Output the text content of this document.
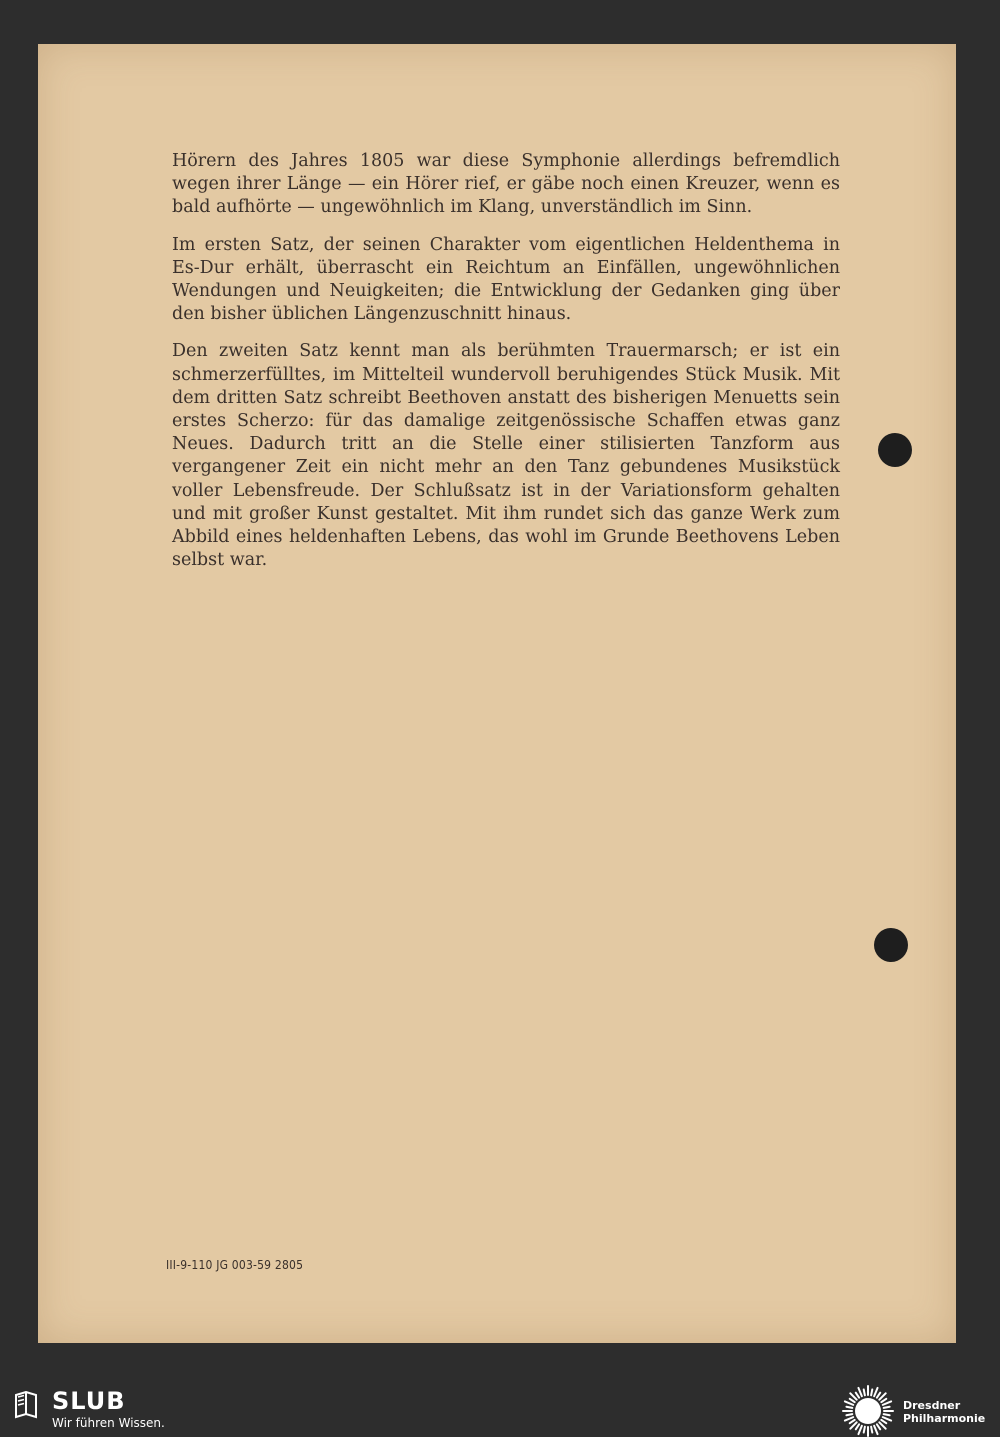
Hörern des Jahres 1805 war diese Symphonie allerdings befremdlich wegen ihrer Länge — ein Hörer rief, er gäbe noch einen Kreuzer, wenn es bald aufhörte — ungewöhnlich im Klang, unverständlich im Sinn.

Im ersten Satz, der seinen Charakter vom eigentlichen Heldenthema in Es-Dur erhält, überrascht ein Reichtum an Einfällen, ungewöhnlichen Wendungen und Neuigkeiten; die Entwicklung der Gedanken ging über den bisher üblichen Längenzuschnitt hinaus.

Den zweiten Satz kennt man als berühmten Trauermarsch; er ist ein schmerzerfülltes, im Mittelteil wundervoll beruhigendes Stück Musik. Mit dem dritten Satz schreibt Beethoven anstatt des bisherigen Menuetts sein erstes Scherzo: für das damalige zeitgenössische Schaffen etwas ganz Neues. Dadurch tritt an die Stelle einer stilisierten Tanzform aus vergangener Zeit ein nicht mehr an den Tanz gebundenes Musikstück voller Lebensfreude. Der Schlußsatz ist in der Variationsform gehalten und mit großer Kunst gestaltet. Mit ihm rundet sich das ganze Werk zum Abbild eines heldenhaften Lebens, das wohl im Grunde Beethovens Leben selbst war.

III-9-110 JG 003-59 2805
SLUB
Wir führen Wissen.
Dresdner
Philharmonie
